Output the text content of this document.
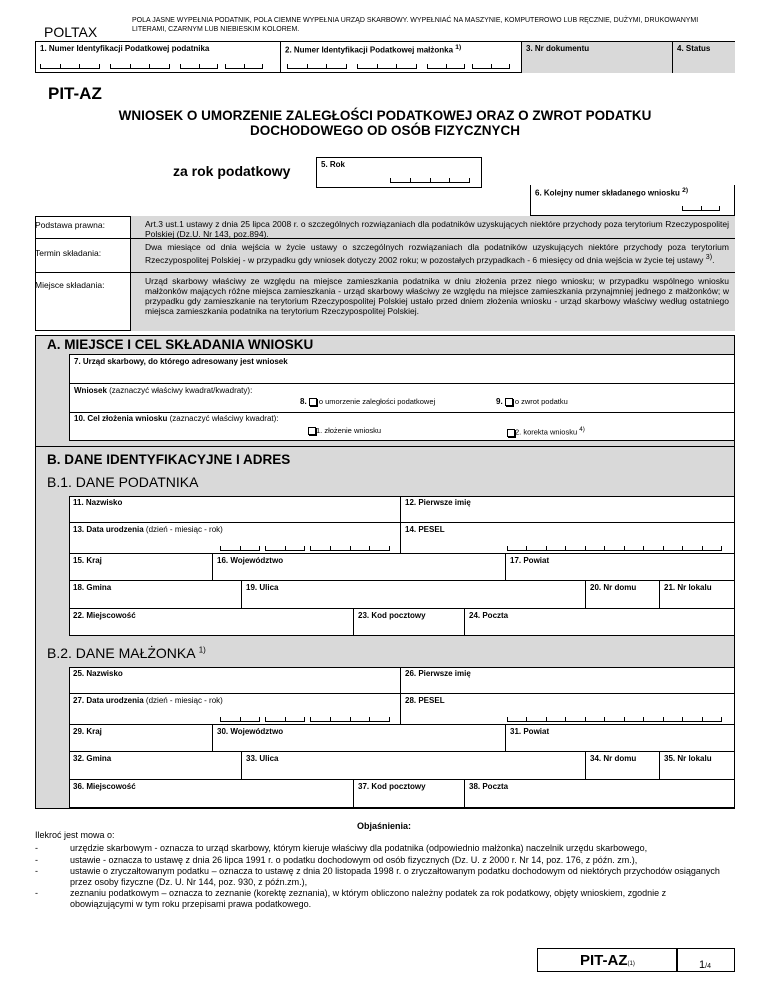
POLTAX
POLA JASNE WYPEŁNIA PODATNIK, POLA CIEMNE WYPEŁNIA URZĄD SKARBOWY. WYPEŁNIAĆ NA MASZYNIE, KOMPUTEROWO LUB RĘCZNIE, DUŻYMI, DRUKOWANYMI LITERAMI, CZARNYM LUB NIEBIESKIM KOLOREM.
1. Numer Identyfikacji Podatkowej podatnika	2. Numer Identyfikacji Podatkowej małżonka $^{1)}$	3. Nr dokumentu	4. Status
PIT-AZ
WNIOSEK O UMORZENIE ZALEGŁOŚCI PODATKOWEJ ORAZ O ZWROT PODATKU
DOCHODOWEGO OD OSÓB FIZYCZNYCH
za rok podatkowy	5. Rok
6. Kolejny numer składanego wniosku $^{2)}$
Podstawa prawna:	Art.3 ust.1 ustawy z dnia 25 lipca 2008 r. o szczególnych rozwiązaniach dla podatników uzyskujących niektóre przychody poza terytorium Rzeczypospolitej Polskiej (Dz.U. Nr 143, poz.894).
Termin składania:
Dwa miesiące od dnia wejścia w życie ustawy o szczególnych rozwiązaniach dla podatników uzyskujących niektóre przychody poza terytorium Rzeczypospolitej Polskiej - w przypadku gdy wniosek dotyczy 2002 roku; w pozostałych przypadkach - 6 miesięcy od dnia wejścia w życie tej ustawy $^{3)}$.
Miejsce składania:	Urząd skarbowy właściwy ze względu na miejsce zamieszkania podatnika w dniu złożenia przez niego wniosku; w przypadku wspólnego wniosku małżonków mających różne miejsca zamieszkania - urząd skarbowy właściwy ze względu na miejsce zamieszkania przynajmniej jednego z małżonków; w przypadku gdy zamieszkanie na terytorium Rzeczypospolitej Polskiej ustało przed dniem złożenia wniosku - urząd skarbowy właściwy według ostatniego miejsca zamieszkania podatnika na terytorium Rzeczypospolitej Polskiej.
A. MIEJSCE I CEL SKŁADANIA WNIOSKU
7. Urząd skarbowy, do którego adresowany jest wniosek
Wniosek (zaznaczyć właściwy kwadrat/kwadraty):
8. o umorzenie zaległości podatkowej	9. o zwrot podatku
10. Cel złożenia wniosku (zaznaczyć właściwy kwadrat):
1. złożenie wniosku	2. korekta wniosku $^{4)}$
B. DANE IDENTYFIKACYJNE I ADRES
B.1. DANE PODATNIKA
11. Nazwisko	12. Pierwsze imię
13. Data urodzenia (dzień - miesiąc - rok)	14. PESEL
15. Kraj	16. Województwo	17. Powiat
18. Gmina	19. Ulica	20. Nr domu	21. Nr lokalu
22. Miejscowość	23. Kod pocztowy	24. Poczta
B.2. DANE MAŁŻONKA $^{1)}$
25. Nazwisko	26. Pierwsze imię
27. Data urodzenia (dzień - miesiąc - rok)	28. PESEL
29. Kraj	30. Województwo	31. Powiat
32. Gmina	33. Ulica	34. Nr domu	35. Nr lokalu
36. Miejscowość	37. Kod pocztowy	38. Poczta
Objaśnienia:
Ilekroć jest mowa o:
-	urzędzie skarbowym - oznacza to urząd skarbowy, którym kieruje właściwy dla podatnika (odpowiednio małżonka) naczelnik urzędu skarbowego,
-	ustawie - oznacza to ustawę z dnia 26 lipca 1991 r. o podatku dochodowym od osób fizycznych (Dz. U. z 2000 r. Nr 14, poz. 176, z późn. zm.),
-	ustawie o zryczałtowanym podatku – oznacza to ustawę z dnia 20 listopada 1998 r. o zryczałtowanym podatku dochodowym od niektórych przychodów osiąganych przez osoby fizyczne (Dz. U. Nr 144, poz. 930, z późn.zm.),
-	zeznaniu podatkowym – oznacza to zeznanie (korektę zeznania), w którym obliczono należny podatek za rok podatkowy, objęty wnioskiem, zgodnie z obowiązującymi w tym roku przepisami prawa podatkowego.
PIT-AZ(1)	1/4
